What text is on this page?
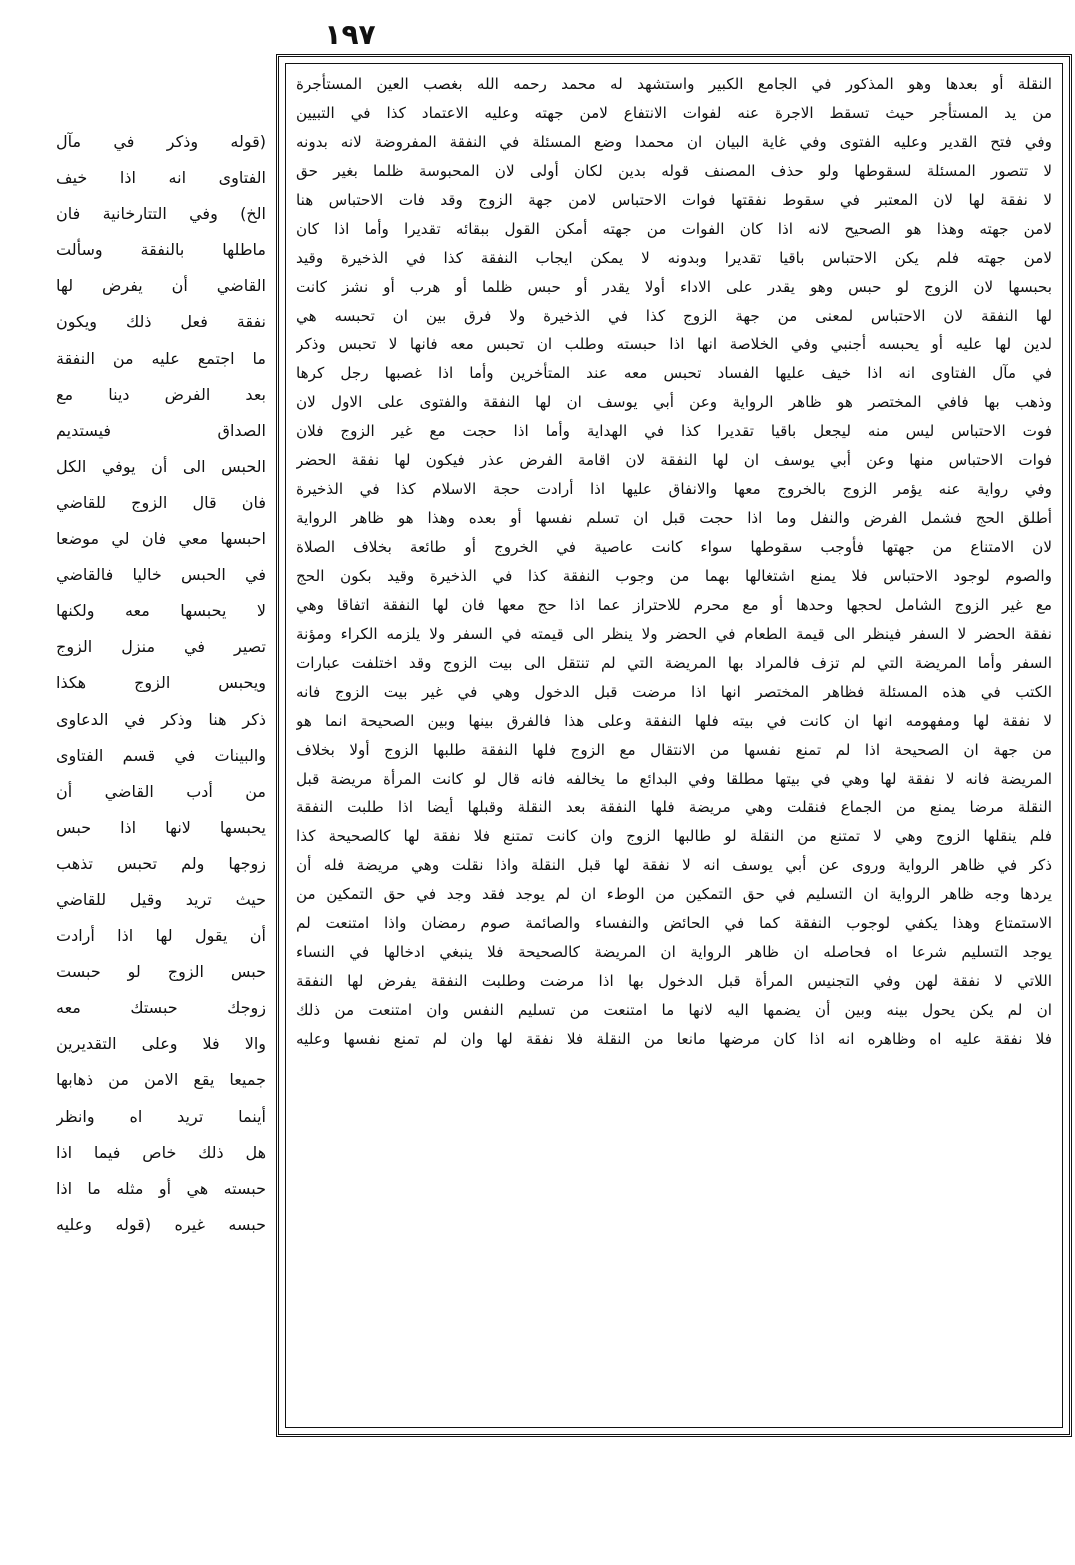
١٩٧
النقلة أو بعدها وهو المذكور في الجامع الكبير واستشهد له محمد رحمه الله بغصب العين المستأجرة
من يد المستأجر حيث تسقط الاجرة عنه لفوات الانتفاع لامن جهته وعليه الاعتماد كذا في التبيين
وفي فتح القدير وعليه الفتوى وفي غاية البيان ان محمدا وضع المسئلة في النفقة المفروضة لانه بدونه
لا تتصور المسئلة لسقوطها ولو حذف المصنف قوله بدين لكان أولى لان المحبوسة ظلما بغير حق
لا نفقة لها لان المعتبر في سقوط نفقتها فوات الاحتباس لامن جهة الزوج وقد فات الاحتباس هنا
لامن جهته وهذا هو الصحيح لانه اذا كان الفوات من جهته أمكن القول ببقائه تقديرا وأما اذا كان
لامن جهته فلم يكن الاحتباس باقيا تقديرا وبدونه لا يمكن ايجاب النفقة كذا في الذخيرة وقيد
بحبسها لان الزوج لو حبس وهو يقدر على الاداء أولا يقدر أو حبس ظلما أو هرب أو نشز كانت
لها النفقة لان الاحتباس لمعنى من جهة الزوج كذا في الذخيرة ولا فرق بين ان تحبسه هي
لدين لها عليه أو يحبسه أجنبي وفي الخلاصة انها اذا حبسته وطلب ان تحبس معه فانها لا تحبس وذكر
في مآل الفتاوى انه اذا خيف عليها الفساد تحبس معه عند المتأخرين وأما اذا غصبها رجل كرها
وذهب بها فافي المختصر هو ظاهر الرواية وعن أبي يوسف ان لها النفقة والفتوى على الاول لان
فوت الاحتباس ليس منه ليجعل باقيا تقديرا كذا في الهداية وأما اذا حجت مع غير الزوج فلان
فوات الاحتباس منها وعن أبي يوسف ان لها النفقة لان اقامة الفرض عذر فيكون لها نفقة الحضر
وفي رواية عنه يؤمر الزوج بالخروج معها والانفاق عليها اذا أرادت حجة الاسلام كذا في الذخيرة
أطلق الحج فشمل الفرض والنفل وما اذا حجت قبل ان تسلم نفسها أو بعده وهذا هو ظاهر الرواية
لان الامتناع من جهتها فأوجب سقوطها سواء كانت عاصية في الخروج أو طائعة بخلاف الصلاة
والصوم لوجود الاحتباس فلا يمنع اشتغالها بهما من وجوب النفقة كذا في الذخيرة وقيد بكون الحج
مع غير الزوج الشامل لحجها وحدها أو مع محرم للاحتراز عما اذا حج معها فان لها النفقة اتفاقا وهي
نفقة الحضر لا السفر فينظر الى قيمة الطعام في الحضر ولا ينظر الى قيمته في السفر ولا يلزمه الكراء ومؤنة
السفر وأما المريضة التي لم تزف فالمراد بها المريضة التي لم تنتقل الى بيت الزوج وقد اختلفت عبارات
الكتب في هذه المسئلة فظاهر المختصر انها اذا مرضت قبل الدخول وهي في غير بيت الزوج فانه
لا نفقة لها ومفهومه انها ان كانت في بيته فلها النفقة وعلى هذا فالفرق بينها وبين الصحيحة انما هو
من جهة ان الصحيحة اذا لم تمنع نفسها من الانتقال مع الزوج فلها النفقة طلبها الزوج أولا بخلاف
المريضة فانه لا نفقة لها وهي في بيتها مطلقا وفي البدائع ما يخالفه فانه قال لو كانت المرأة مريضة قبل
النقلة مرضا يمنع من الجماع فنقلت وهي مريضة فلها النفقة بعد النقلة وقبلها أيضا اذا طلبت النفقة
فلم ينقلها الزوج وهي لا تمتنع من النقلة لو طالبها الزوج وان كانت تمتنع فلا نفقة لها كالصحيحة كذا
ذكر في ظاهر الرواية وروى عن أبي يوسف انه لا نفقة لها قبل النقلة واذا نقلت وهي مريضة فله أن
يردها وجه ظاهر الرواية ان التسليم في حق التمكين من الوطء ان لم يوجد فقد وجد في حق التمكين من
الاستمتاع وهذا يكفي لوجوب النفقة كما في الحائض والنفساء والصائمة صوم رمضان واذا امتنعت لم
يوجد التسليم شرعا اه فحاصله ان ظاهر الرواية ان المريضة كالصحيحة فلا ينبغي ادخالها في النساء
اللاتي لا نفقة لهن وفي التجنيس المرأة قبل الدخول بها اذا مرضت وطلبت النفقة يفرض لها النفقة
ان لم يكن يحول بينه وبين أن يضمها اليه لانها ما امتنعت من تسليم النفس وان امتنعت من ذلك
فلا نفقة عليه اه وظاهره انه اذا كان مرضها مانعا من النقلة فلا نفقة لها وان لم تمنع نفسها وعليه
(قوله وذكر في مآل
الفتاوى انه اذا خيف
الخ) وفي التتارخانية فان
ماطلها بالنفقة وسألت
القاضي أن يفرض لها
نفقة فعل ذلك ويكون
ما اجتمع عليه من النفقة
بعد الفرض دينا مع
الصداق فيستديم
الحبس الى أن يوفي الكل
فان قال الزوج للقاضي
احبسها معي فان لي موضعا
في الحبس خاليا فالقاضي
لا يحبسها معه ولكنها
تصير في منزل الزوج
ويحبس الزوج هكذا
ذكر هنا وذكر في الدعاوى
والبينات في قسم الفتاوى
من أدب القاضي أن
يحبسها لانها اذا حبس
زوجها ولم تحبس تذهب
حيث تريد وقيل للقاضي
أن يقول لها اذا أرادت
حبس الزوج لو حبست
زوجك حبستك معه
والا فلا وعلى التقديرين
جميعا يقع الامن من ذهابها
أينما تريد اه وانظر
هل ذلك خاص فيما اذا
حبسته هي أو مثله ما اذا
حبسه غيره (قوله وعليه
